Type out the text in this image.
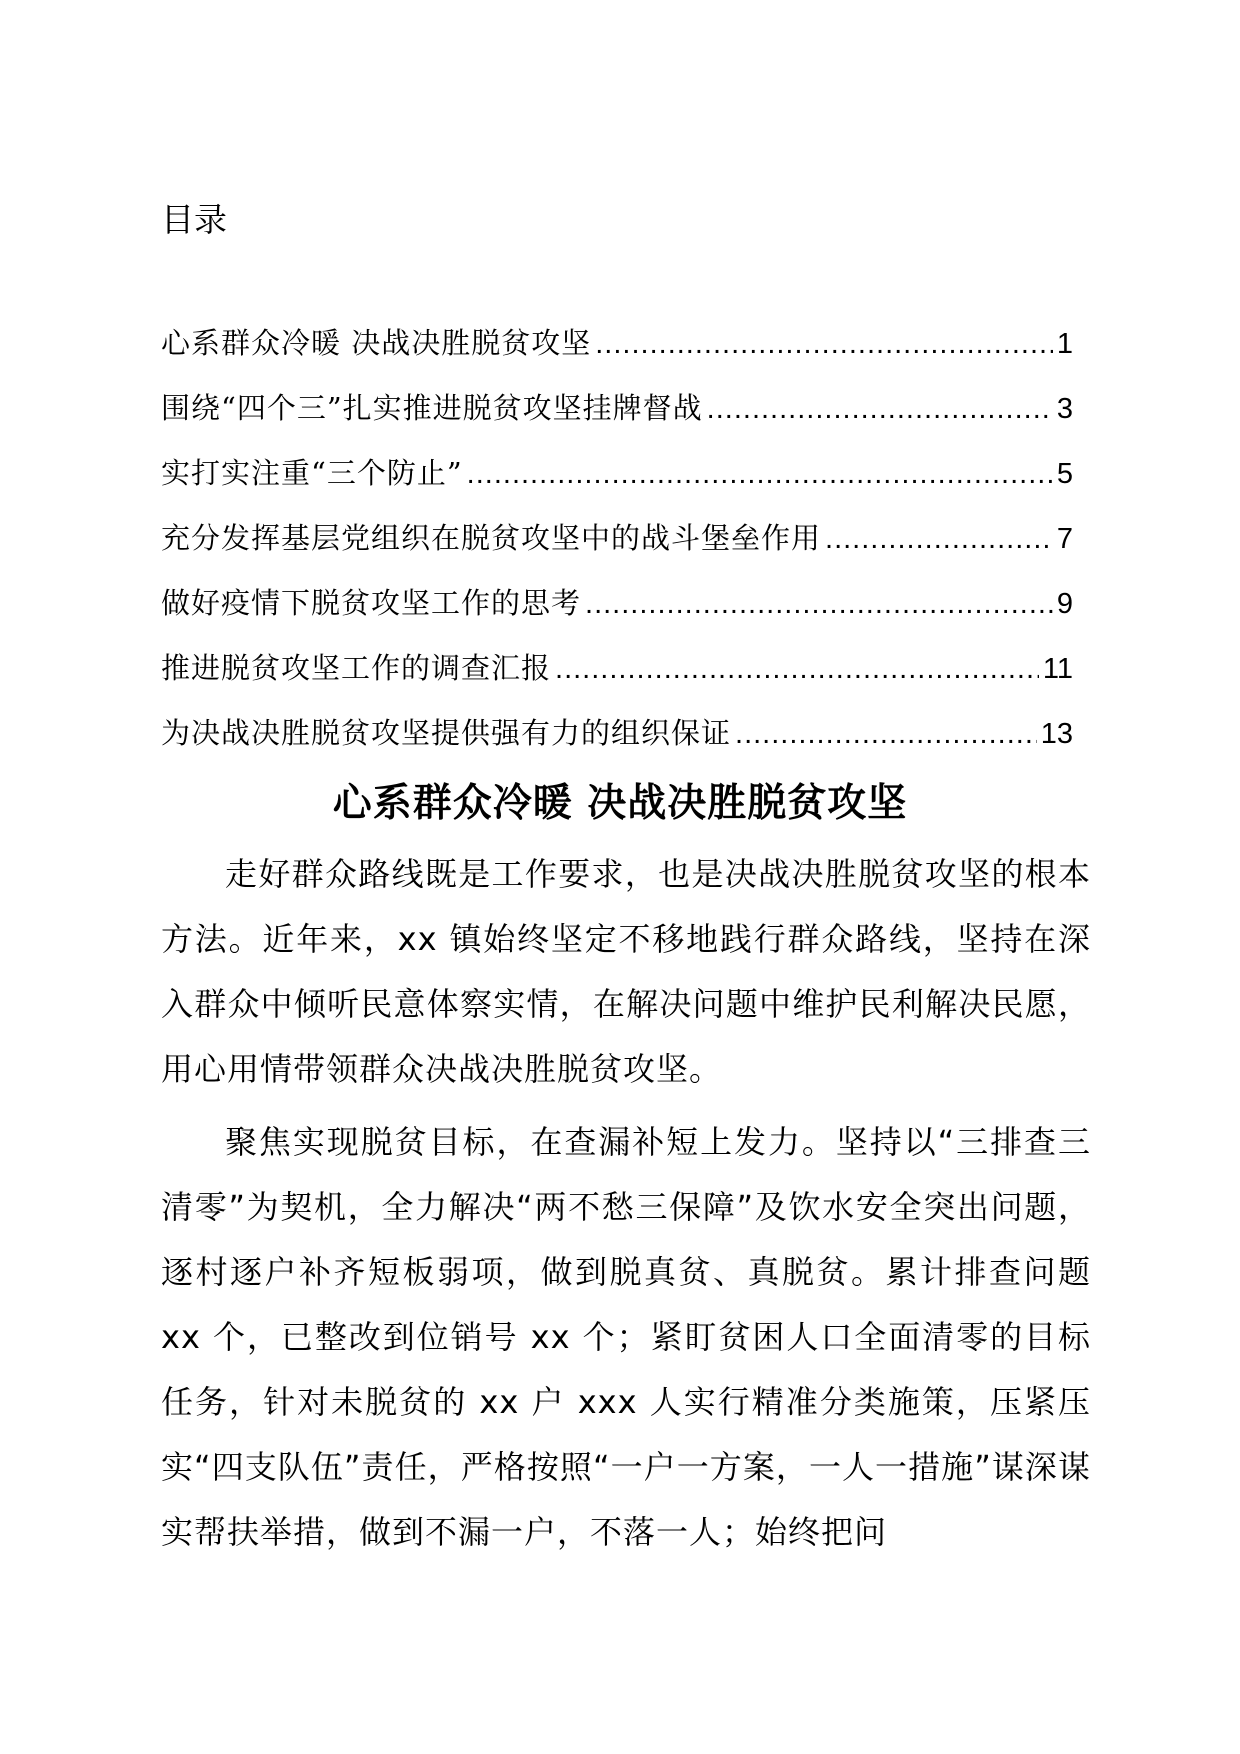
目录
心系群众冷暖 决战决胜脱贫攻坚 .....	1
围绕“四个三”扎实推进脱贫攻坚挂牌督战 .....	3
实打实注重“三个防止” .....	5
充分发挥基层党组织在脱贫攻坚中的战斗堡垒作用 .....	7
做好疫情下脱贫攻坚工作的思考 .....	9
推进脱贫攻坚工作的调查汇报 .....	11
为决战决胜脱贫攻坚提供强有力的组织保证 .....	13
心系群众冷暖 决战决胜脱贫攻坚

走好群众路线既是工作要求，也是决战决胜脱贫攻坚的根本方法。近年来，xx 镇始终坚定不移地践行群众路线，坚持在深入群众中倾听民意体察实情，在解决问题中维护民利解决民愿，用心用情带领群众决战决胜脱贫攻坚。

聚焦实现脱贫目标，在查漏补短上发力。坚持以“三排查三清零”为契机，全力解决“两不愁三保障”及饮水安全突出问题，逐村逐户补齐短板弱项，做到脱真贫、真脱贫。累计排查问题 xx 个，已整改到位销号 xx 个；紧盯贫困人口全面清零的目标任务，针对未脱贫的 xx 户 xxx 人实行精准分类施策，压紧压实“四支队伍”责任，严格按照“一户一方案，一人一措施”谋深谋实帮扶举措，做到不漏一户，不落一人；始终把问
